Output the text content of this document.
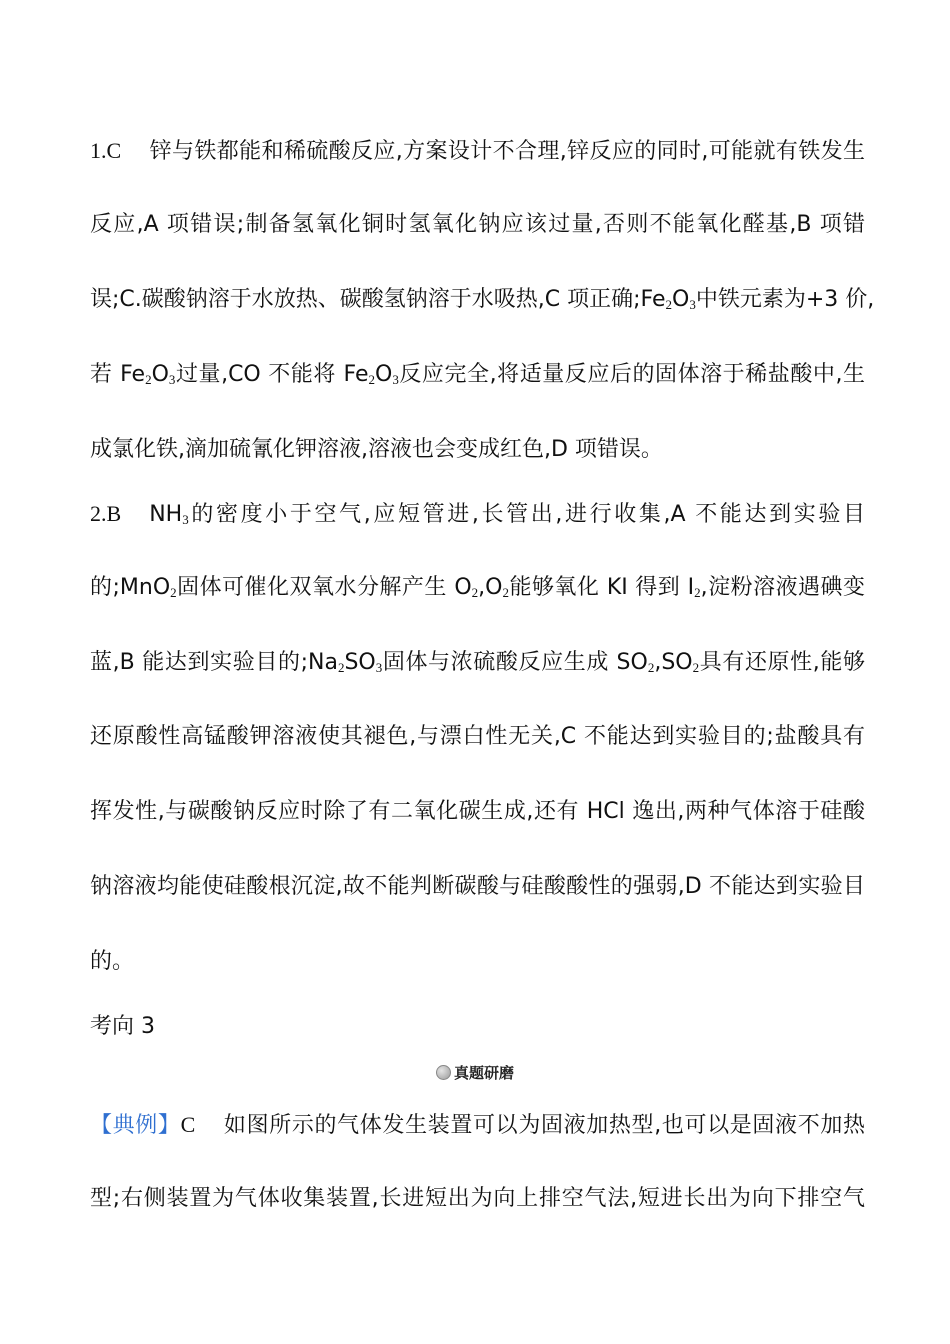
1.C 锌与铁都能和稀硫酸反应,方案设计不合理,锌反应的同时,可能就有铁发生
反应,A 项错误;制备氢氧化铜时氢氧化钠应该过量,否则不能氧化醛基,B 项错
误;C.碳酸钠溶于水放热、碳酸氢钠溶于水吸热,C 项正确$;Fe_2O_3$中铁元素为+3 价,
若 $Fe_2O_3$过量,CO 不能将 $Fe_2O_3$反应完全,将适量反应后的固体溶于稀盐酸中,生
成氯化铁,滴加硫氰化钾溶液,溶液也会变成红色,D 项错误。
2.B $NH_3$的密度小于空气,应短管进,长管出,进行收集,A 不能达到实验目
的;MnO$_2$固体可催化双氧水分解产生 $O_2,O_2$能够氧化 KI 得到 $I_2$,淀粉溶液遇碘变
蓝,B 能达到实验目的$;Na_2SO_3$固体与浓硫酸反应生成 $SO_2,SO_2$具有还原性,能够
还原酸性高锰酸钾溶液使其褪色,与漂白性无关,C 不能达到实验目的;盐酸具有
挥发性,与碳酸钠反应时除了有二氧化碳生成,还有 HCl 逸出,两种气体溶于硅酸
钠溶液均能使硅酸根沉淀,故不能判断碳酸与硅酸酸性的强弱,D 不能达到实验目
的。
考向 3
真题研磨
【典例】C 如图所示的气体发生装置可以为固液加热型,也可以是固液不加热
型;右侧装置为气体收集装置,长进短出为向上排空气法,短进长出为向下排空气
